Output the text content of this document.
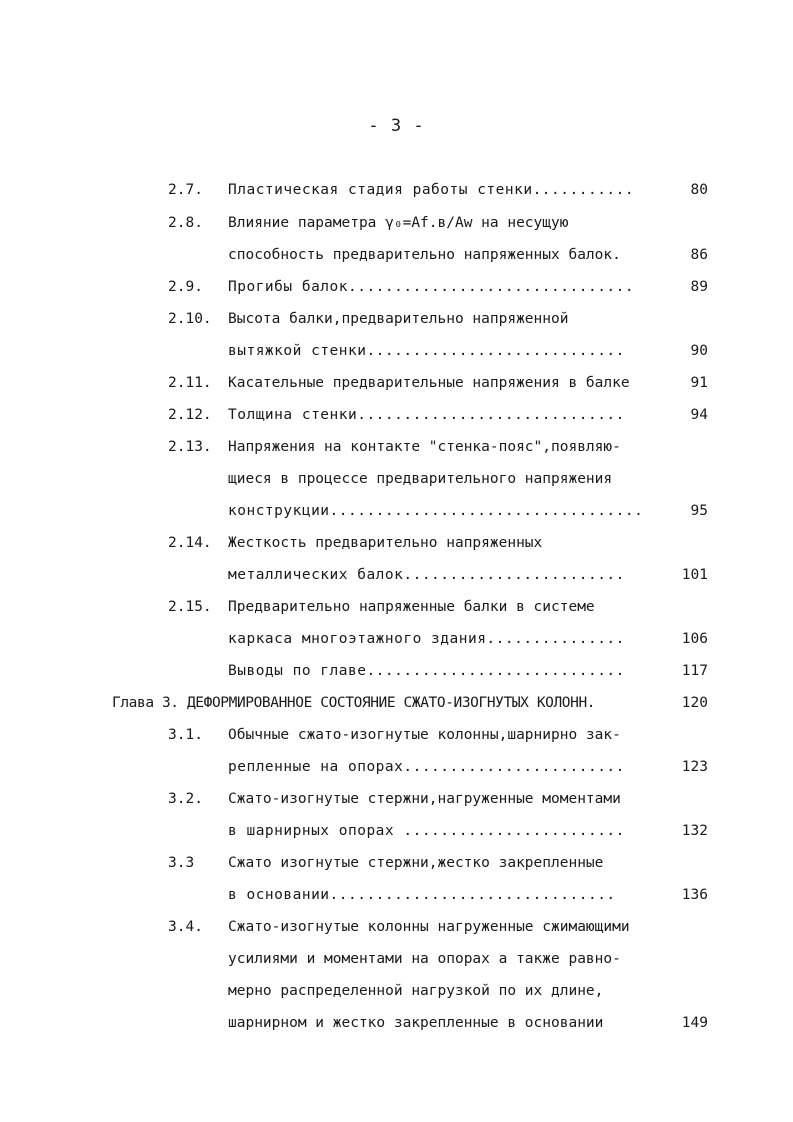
- 3 -
2.7. Пластическая стадия работы стенки...........	80
2.8. Влияние параметра γ₀=Af.в/Aw на несущую
способность предварительно напряженных балок.	86
2.9. Прогибы балок...............................	89
2.10. Высота балки,предварительно напряженной
вытяжкой стенки............................	90
2.11. Касательные предварительные напряжения в балке	91
2.12. Толщина стенки.............................	94
2.13. Напряжения на контакте "стенка-пояс",появляю-
щиеся в процессе предварительного напряжения
конструкции..................................	95
2.14. Жесткость предварительно напряженных
металлических балок........................	101
2.15. Предварительно напряженные балки в системе
каркаса многоэтажного здания...............	106
Выводы по главе............................	117
Глава 3. ДЕФОРМИРОВАННОЕ СОСТОЯНИЕ СЖАТО-ИЗОГНУТЫХ КОЛОНН.	120
3.1. Обычные сжато-изогнутые колонны,шарнирно зак-
репленные на опорах........................	123
3.2. Сжато-изогнутые стержни,нагруженные моментами
в шарнирных опорах ........................	132
3.3 Сжато изогнутые стержни,жестко закрепленные
в основании...............................	136
3.4. Сжато-изогнутые колонны нагруженные сжимающими
усилиями и моментами на опорах а также равно-
мерно распределенной нагрузкой по их длине,
шарнирном и жестко закрепленные в основании	149
